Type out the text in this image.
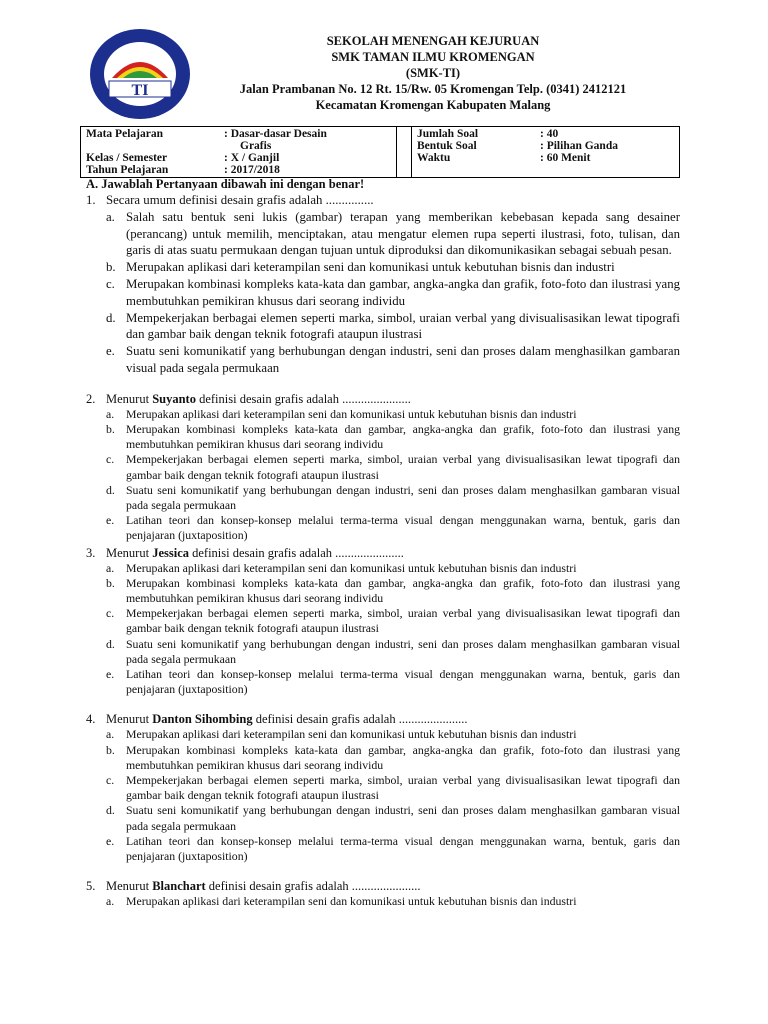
TI
SEKOLAH MENENGAH KEJURUAN
SMK TAMAN ILMU KROMENGAN
(SMK-TI)
Jalan Prambanan No. 12 Rt. 15/Rw. 05 Kromengan Telp. (0341) 2412121
Kecamatan Kromengan Kabupaten Malang
Mata Pelajaran	: Dasar-dasar Desain
Grafis
Kelas / Semester	: X / Ganjil
Tahun Pelajaran	: 2017/2018
Jumlah Soal	: 40
Bentuk Soal	: Pilihan Ganda
Waktu	: 60 Menit
A. Jawablah Pertanyaan dibawah ini dengan benar!
1. Secara umum definisi desain grafis adalah ...............
a. Salah satu bentuk seni lukis (gambar) terapan yang memberikan kebebasan kepada sang desainer (perancang) untuk memilih, menciptakan, atau mengatur elemen rupa seperti ilustrasi, foto, tulisan, dan garis di atas suatu permukaan dengan tujuan untuk diproduksi dan dikomunikasikan sebagai sebuah pesan.
b. Merupakan aplikasi dari keterampilan seni dan komunikasi untuk kebutuhan bisnis dan industri
c. Merupakan kombinasi kompleks kata-kata dan gambar, angka-angka dan grafik, foto-foto dan ilustrasi yang membutuhkan pemikiran khusus dari seorang individu
d. Mempekerjakan berbagai elemen seperti marka, simbol, uraian verbal yang divisualisasikan lewat tipografi dan gambar baik dengan teknik fotografi ataupun ilustrasi
e. Suatu seni komunikatif yang berhubungan dengan industri, seni dan proses dalam menghasilkan gambaran visual pada segala permukaan
2. Menurut Suyanto definisi desain grafis adalah ......................
a.	Merupakan aplikasi dari keterampilan seni dan komunikasi untuk kebutuhan bisnis dan industri
b. Merupakan kombinasi kompleks kata-kata dan gambar, angka-angka dan grafik, foto-foto dan ilustrasi yang membutuhkan pemikiran khusus dari seorang individu
c.	Mempekerjakan berbagai elemen seperti marka, simbol, uraian verbal yang divisualisasikan lewat tipografi dan gambar baik dengan teknik fotografi ataupun ilustrasi
d. Suatu seni komunikatif yang berhubungan dengan industri, seni dan proses dalam menghasilkan gambaran visual pada segala permukaan
e.	Latihan teori dan konsep-konsep melalui terma-terma visual dengan menggunakan warna, bentuk, garis dan penjajaran (juxtaposition)
3. Menurut Jessica definisi desain grafis adalah ......................
a.	Merupakan aplikasi dari keterampilan seni dan komunikasi untuk kebutuhan bisnis dan industri
b. Merupakan kombinasi kompleks kata-kata dan gambar, angka-angka dan grafik, foto-foto dan ilustrasi yang membutuhkan pemikiran khusus dari seorang individu
c.	Mempekerjakan berbagai elemen seperti marka, simbol, uraian verbal yang divisualisasikan lewat tipografi dan gambar baik dengan teknik fotografi ataupun ilustrasi
d. Suatu seni komunikatif yang berhubungan dengan industri, seni dan proses dalam menghasilkan gambaran visual pada segala permukaan
e.	Latihan teori dan konsep-konsep melalui terma-terma visual dengan menggunakan warna, bentuk, garis dan penjajaran (juxtaposition)
4. Menurut Danton Sihombing definisi desain grafis adalah ......................
a.	Merupakan aplikasi dari keterampilan seni dan komunikasi untuk kebutuhan bisnis dan industri
b. Merupakan kombinasi kompleks kata-kata dan gambar, angka-angka dan grafik, foto-foto dan ilustrasi yang membutuhkan pemikiran khusus dari seorang individu
c.	Mempekerjakan berbagai elemen seperti marka, simbol, uraian verbal yang divisualisasikan lewat tipografi dan gambar baik dengan teknik fotografi ataupun ilustrasi
d. Suatu seni komunikatif yang berhubungan dengan industri, seni dan proses dalam menghasilkan gambaran visual pada segala permukaan
e.	Latihan teori dan konsep-konsep melalui terma-terma visual dengan menggunakan warna, bentuk, garis dan penjajaran (juxtaposition)
5. Menurut Blanchart definisi desain grafis adalah ......................
a.	Merupakan aplikasi dari keterampilan seni dan komunikasi untuk kebutuhan bisnis dan industri
